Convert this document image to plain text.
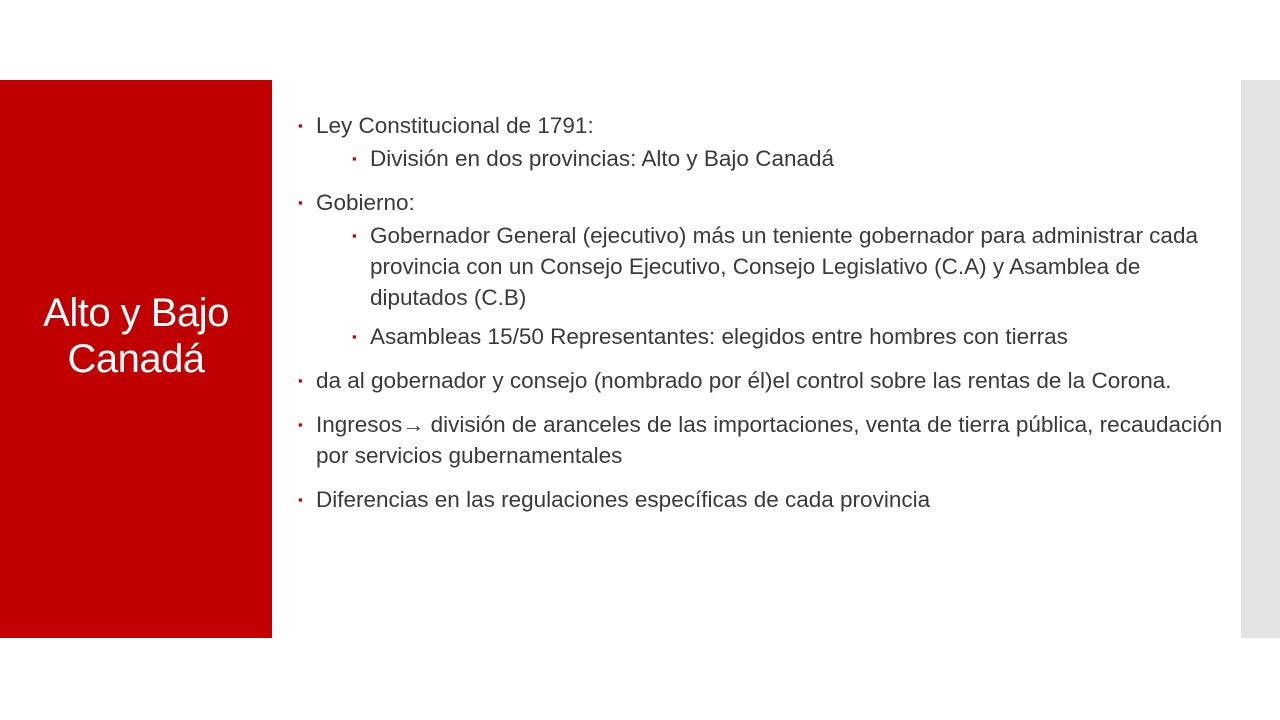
Alto y Bajo
Canadá
▪ Ley Constitucional de 1791:
▪ División en dos provincias: Alto y Bajo Canadá
▪ Gobierno:
▪ Gobernador General (ejecutivo) más un teniente gobernador para administrar cada provincia con un Consejo Ejecutivo, Consejo Legislativo (C.A) y Asamblea de diputados (C.B)
▪ Asambleas 15/50 Representantes: elegidos entre hombres con tierras
▪ da al gobernador y consejo (nombrado por él)el control sobre las rentas de la Corona.
▪ Ingresos→ división de aranceles de las importaciones, venta de tierra pública, recaudación por servicios gubernamentales
▪ Diferencias en las regulaciones específicas de cada provincia
